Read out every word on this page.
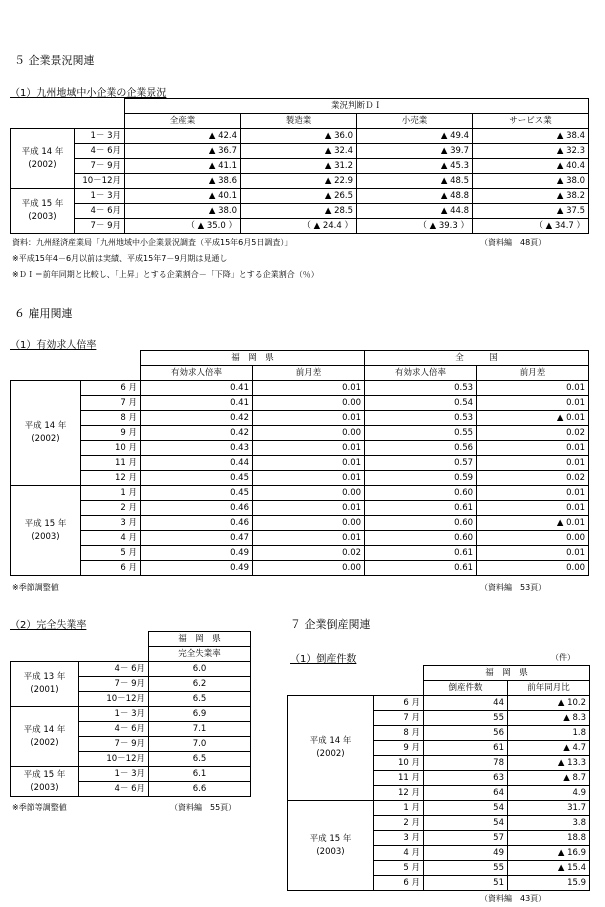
５ 企業景況関連
（1）九州地域中小企業の企業景況
		業況判断ＤＩ			
		全産業	製造業	小売業	サービス業
平成 14 年
(2002)	1－ 3月	▲ 42.4	▲ 36.0	▲ 49.4	▲ 38.4
	4－ 6月	▲ 36.7	▲ 32.4	▲ 39.7	▲ 32.3
	7－ 9月	▲ 41.1	▲ 31.2	▲ 45.3	▲ 40.4
	10－12月	▲ 38.6	▲ 22.9	▲ 48.5	▲ 38.0
平成 15 年
(2003)	1－ 3月	▲ 40.1	▲ 26.5	▲ 48.8	▲ 38.2
	4－ 6月	▲ 38.0	▲ 28.5	▲ 44.8	▲ 37.5
	7－ 9月	（ ▲ 35.0 ）	（ ▲ 24.4 ）	（ ▲ 39.3 ）	（ ▲ 34.7 ）
資料：九州経済産業局「九州地域中小企業景況調査（平成15年6月5日調査）」	（資料編　48頁）
※平成15年4－6月以前は実績、平成15年7－9月期は見通し
※ＤＩ＝前年同期と比較し、「上昇」とする企業割合－「下降」とする企業割合（％）
６ 雇用関連
（1）有効求人倍率
		福　岡　県		全　　　国	
		有効求人倍率	前月差	有効求人倍率	前月差
平成 14 年
(2002)	6 月	0.41	0.01	0.53	0.01
	7 月	0.41	0.00	0.54	0.01
	8 月	0.42	0.01	0.53	▲ 0.01
	9 月	0.42	0.00	0.55	0.02
	10 月	0.43	0.01	0.56	0.01
	11 月	0.44	0.01	0.57	0.01
	12 月	0.45	0.01	0.59	0.02
平成 15 年
(2003)	1 月	0.45	0.00	0.60	0.01
	2 月	0.46	0.01	0.61	0.01
	3 月	0.46	0.00	0.60	▲ 0.01
	4 月	0.47	0.01	0.60	0.00
	5 月	0.49	0.02	0.61	0.01
	6 月	0.49	0.00	0.61	0.00
※季節調整値	（資料編　53頁）
（2）完全失業率
		福　岡　県
		完全失業率
平成 13 年
(2001)	4－ 6月	6.0
	7－ 9月	6.2
	10－12月	6.5
平成 14 年
(2002)	1－ 3月	6.9
	4－ 6月	7.1
	7－ 9月	7.0
	10－12月	6.5
平成 15 年
(2003)	1－ 3月	6.1
	4－ 6月	6.6
※季節等調整値	（資料編　55頁）
７ 企業倒産関連
（1）倒産件数	（件）
		福　岡　県	
		倒産件数	前年同月比
平成 14 年
(2002)	6 月	44	▲ 10.2
	7 月	55	▲ 8.3
	8 月	56	1.8
	9 月	61	▲ 4.7
	10 月	78	▲ 13.3
	11 月	63	▲ 8.7
	12 月	64	4.9
平成 15 年
(2003)	1 月	54	31.7
	2 月	54	3.8
	3 月	57	18.8
	4 月	49	▲ 16.9
	5 月	55	▲ 15.4
	6 月	51	15.9
（資料編　43頁）
